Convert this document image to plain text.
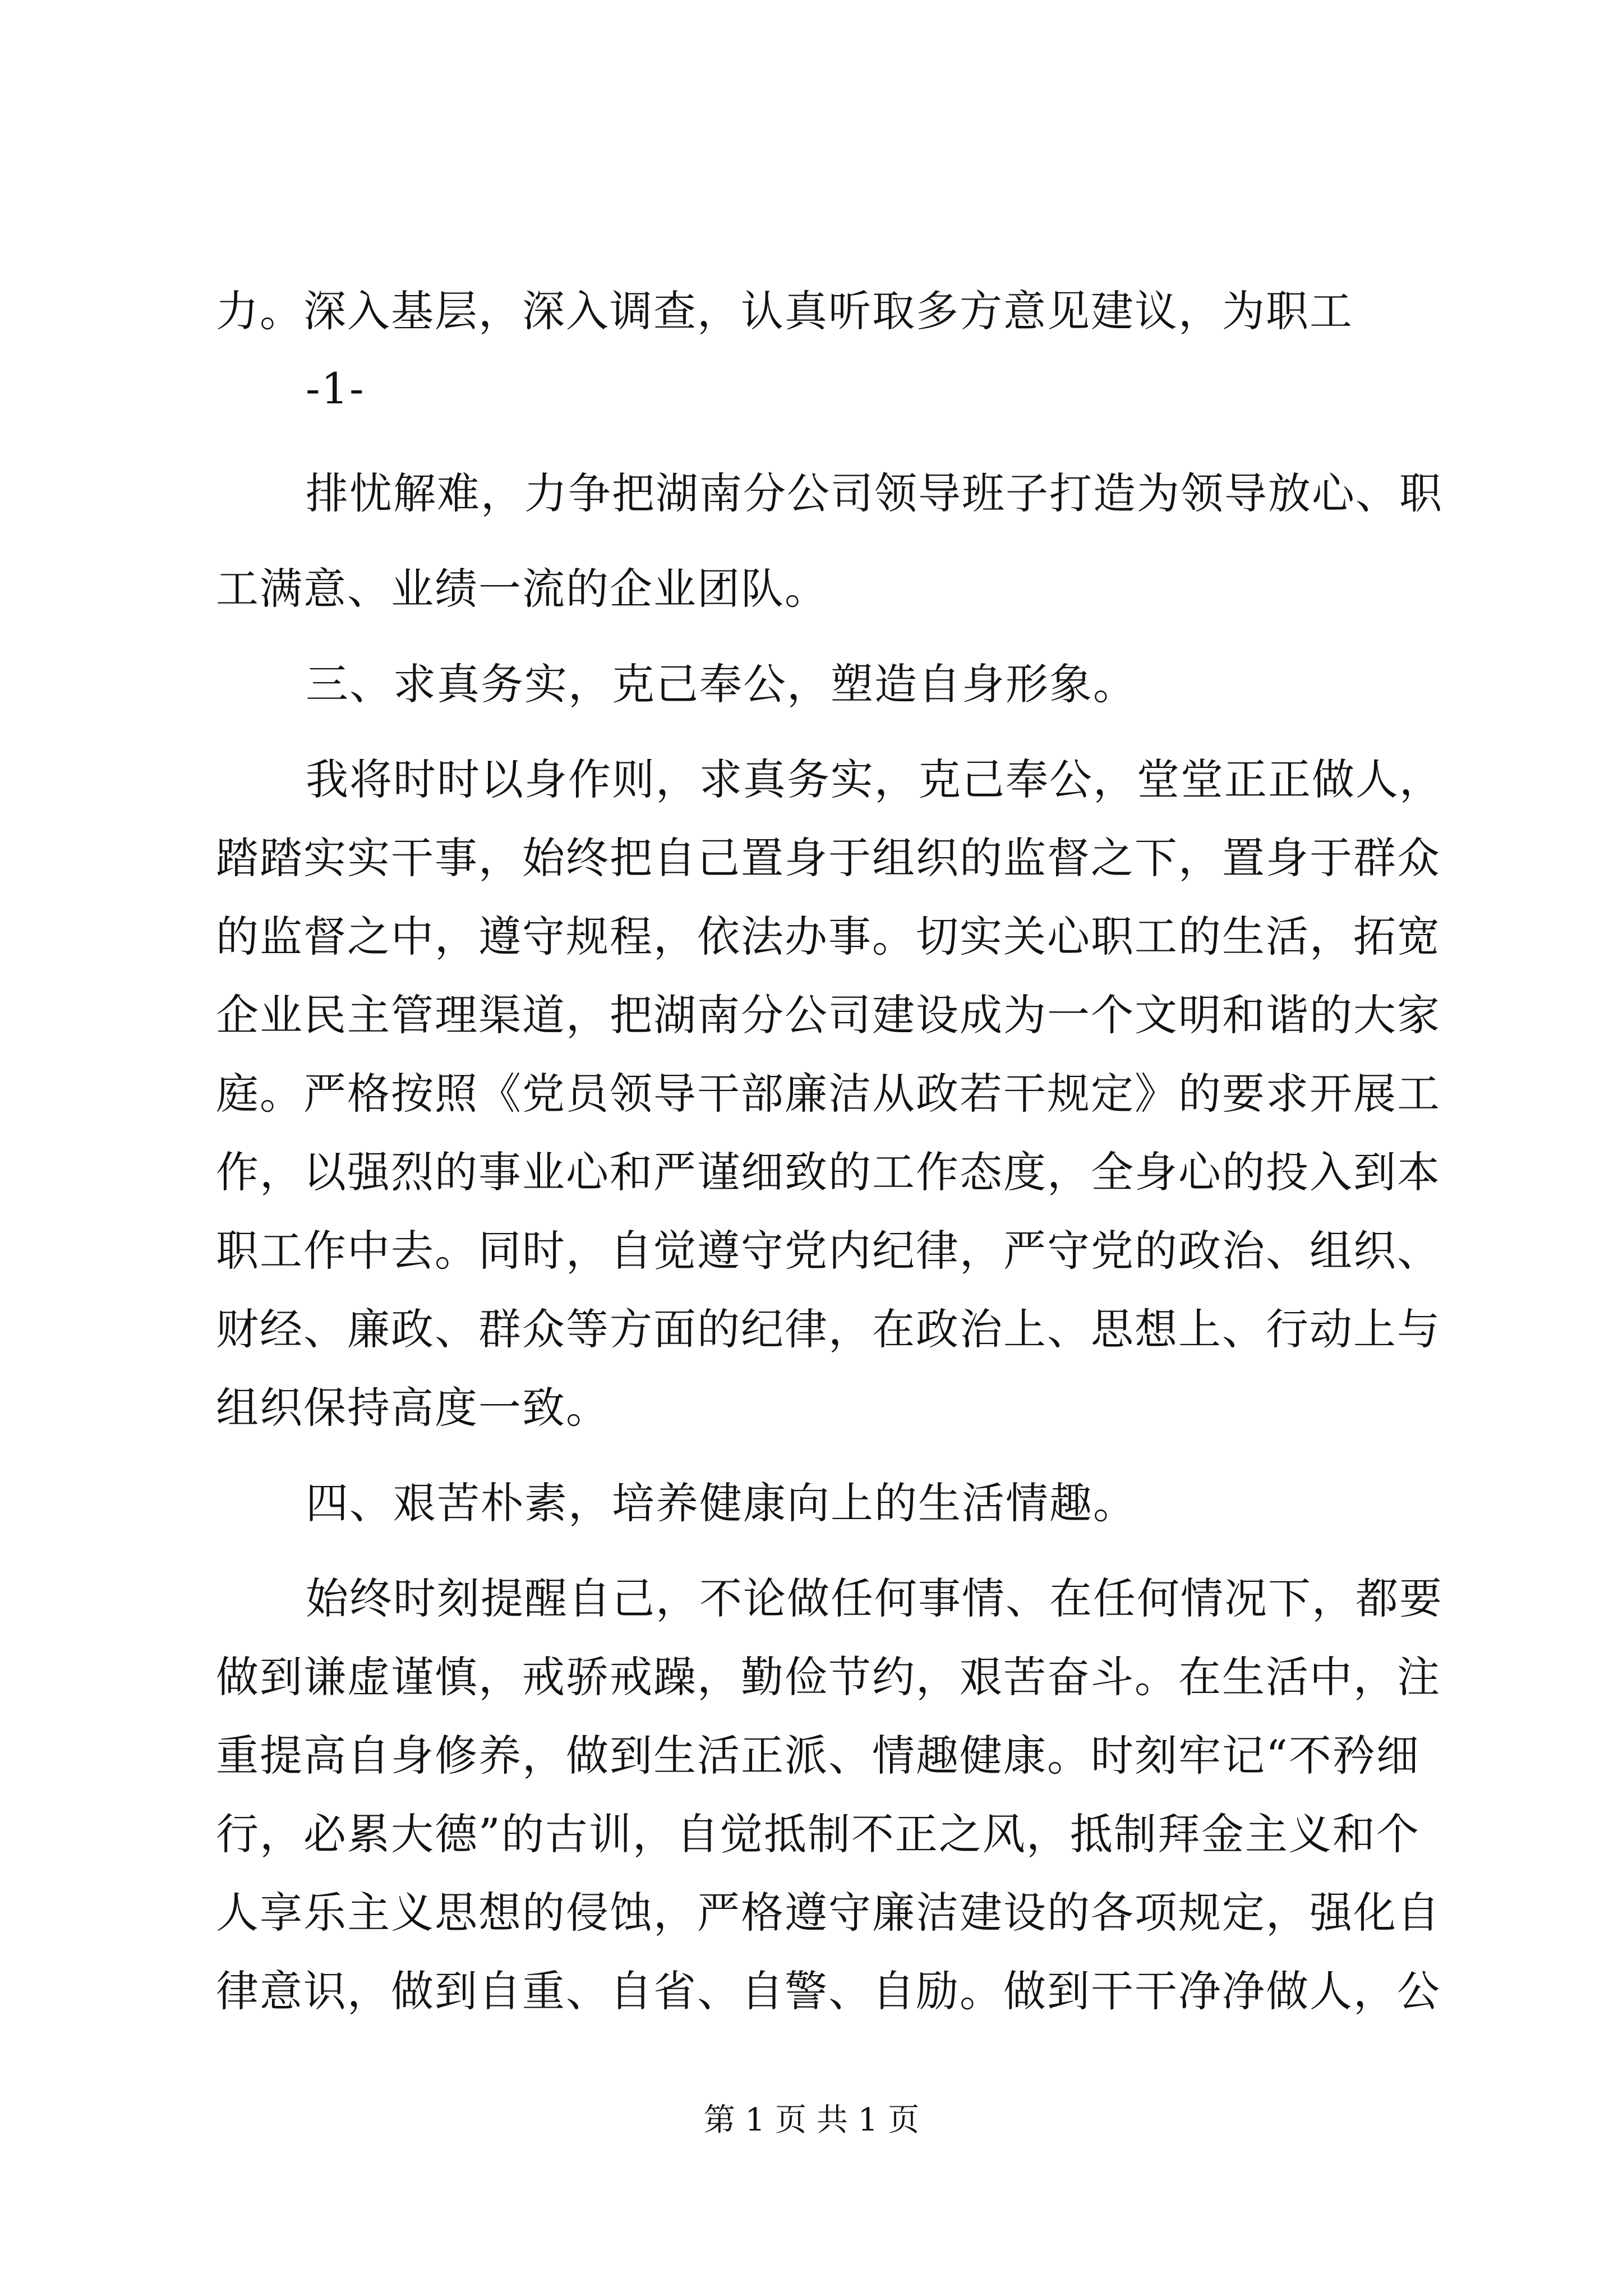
力。深入基层，深入调查，认真听取多方意见建议，为职工
-1-
排忧解难，力争把湖南分公司领导班子打造为领导放心、职
工满意、业绩一流的企业团队。
三、求真务实，克己奉公，塑造自身形象。
我将时时以身作则，求真务实，克己奉公，堂堂正正做人，
踏踏实实干事，始终把自己置身于组织的监督之下，置身于群众
的监督之中，遵守规程，依法办事。切实关心职工的生活，拓宽
企业民主管理渠道，把湖南分公司建设成为一个文明和谐的大家
庭。严格按照《党员领导干部廉洁从政若干规定》的要求开展工
作，以强烈的事业心和严谨细致的工作态度，全身心的投入到本
职工作中去。同时，自觉遵守党内纪律，严守党的政治、组织、
财经、廉政、群众等方面的纪律，在政治上、思想上、行动上与
组织保持高度一致。
四、艰苦朴素，培养健康向上的生活情趣。
始终时刻提醒自己，不论做任何事情、在任何情况下，都要
做到谦虚谨慎，戒骄戒躁，勤俭节约，艰苦奋斗。在生活中，注
重提高自身修养，做到生活正派、情趣健康。时刻牢记“不矜细
行，必累大德”的古训，自觉抵制不正之风，抵制拜金主义和个
人享乐主义思想的侵蚀，严格遵守廉洁建设的各项规定，强化自
律意识，做到自重、自省、自警、自励。做到干干净净做人，公
第 1 页 共 1 页
